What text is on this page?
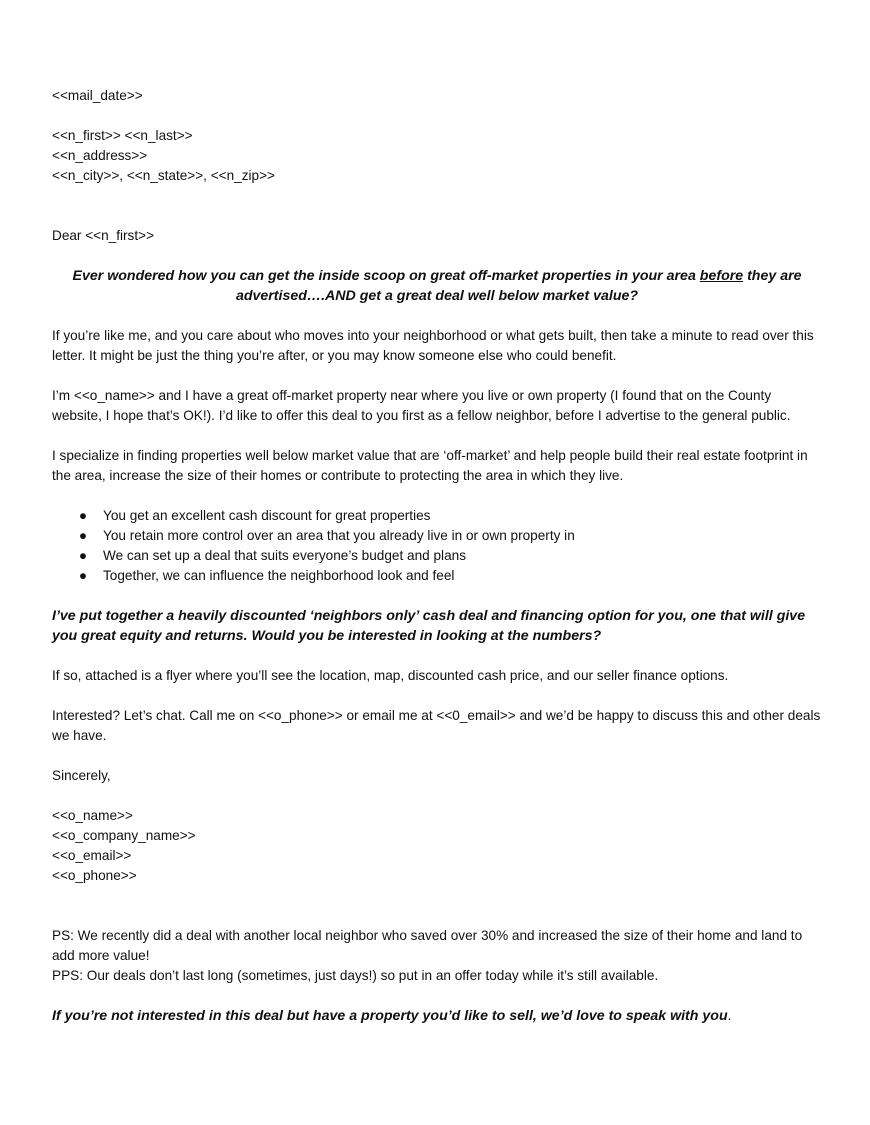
<<mail_date>>

<<n_first>> <<n_last>>

<<n_address>>

<<n_city>>, <<n_state>>, <<n_zip>>

Dear <<n_first>>

Ever wondered how you can get the inside scoop on great off-market properties in your area before they are advertised….AND get a great deal well below market value?

If you’re like me, and you care about who moves into your neighborhood or what gets built, then take a minute to read over this letter. It might be just the thing you’re after, or you may know someone else who could benefit.

I’m <<o_name>> and I have a great off-market property near where you live or own property (I found that on the County website, I hope that’s OK!). I’d like to offer this deal to you first as a fellow neighbor, before I advertise to the general public.

I specialize in finding properties well below market value that are ‘off-market’ and help people build their real estate footprint in the area, increase the size of their homes or contribute to protecting the area in which they live.

● You get an excellent cash discount for great properties
● You retain more control over an area that you already live in or own property in
● We can set up a deal that suits everyone’s budget and plans
● Together, we can influence the neighborhood look and feel

I’ve put together a heavily discounted ‘neighbors only’ cash deal and financing option for you, one that will give you great equity and returns. Would you be interested in looking at the numbers?

If so, attached is a flyer where you’ll see the location, map, discounted cash price, and our seller finance options.

Interested? Let’s chat. Call me on <<o_phone>> or email me at <<0_email>> and we’d be happy to discuss this and other deals we have.

Sincerely,

<<o_name>>

<<o_company_name>>

<<o_email>>

<<o_phone>>

PS: We recently did a deal with another local neighbor who saved over 30% and increased the size of their home and land to add more value!

PPS: Our deals don’t last long (sometimes, just days!) so put in an offer today while it’s still available.

If you’re not interested in this deal but have a property you’d like to sell, we’d love to speak with you.
